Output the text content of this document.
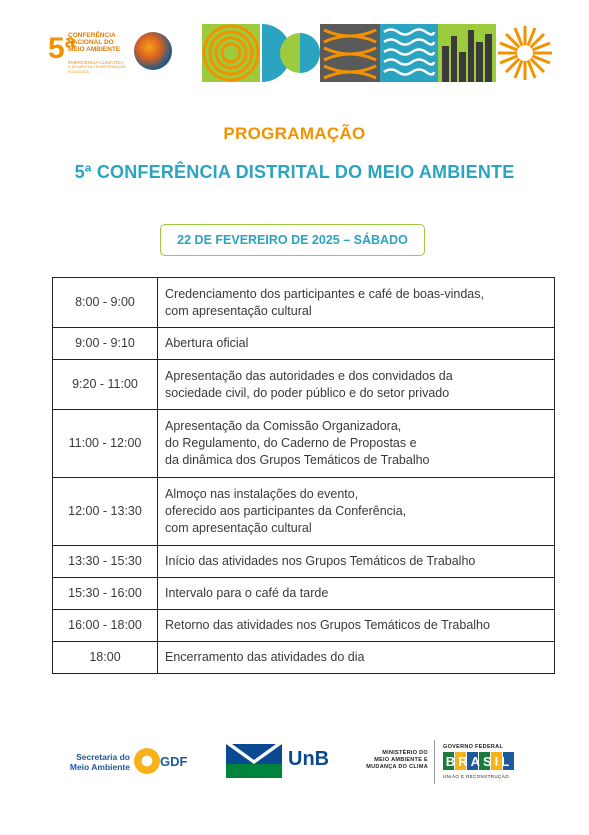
5ª
CONFERÊNCIA
NACIONAL DO
MEIO AMBIENTE
EMERGÊNCIA CLIMÁTICA
O DESAFIO DA TRANSFORMAÇÃO ECOLÓGICA
PROGRAMAÇÃO
5ª CONFERÊNCIA DISTRITAL DO MEIO AMBIENTE
22 DE FEVEREIRO DE 2025 – SÁBADO
8:00 - 9:00	Credenciamento dos participantes e café de boas-vindas,
com apresentação cultural
9:00 - 9:10	Abertura oficial
9:20 - 11:00	Apresentação das autoridades e dos convidados da
sociedade civil, do poder público e do setor privado
11:00 - 12:00	Apresentação da Comissão Organizadora,
do Regulamento, do Caderno de Propostas e
da dinâmica dos Grupos Temáticos de Trabalho
12:00 - 13:30	Almoço nas instalações do evento,
oferecido aos participantes da Conferência,
com apresentação cultural
13:30 - 15:30	Início das atividades nos Grupos Temáticos de Trabalho
15:30 - 16:00	Intervalo para o café da tarde
16:00 - 18:00	Retorno das atividades nos Grupos Temáticos de Trabalho
18:00	Encerramento das atividades do dia
Secretaria do
Meio Ambiente GDF	UnB	MINISTÉRIO DO
MEIO AMBIENTE E
MUDANÇA DO CLIMA
GOVERNO FEDERAL
BRASIL
UNIÃO E RECONSTRUÇÃO
